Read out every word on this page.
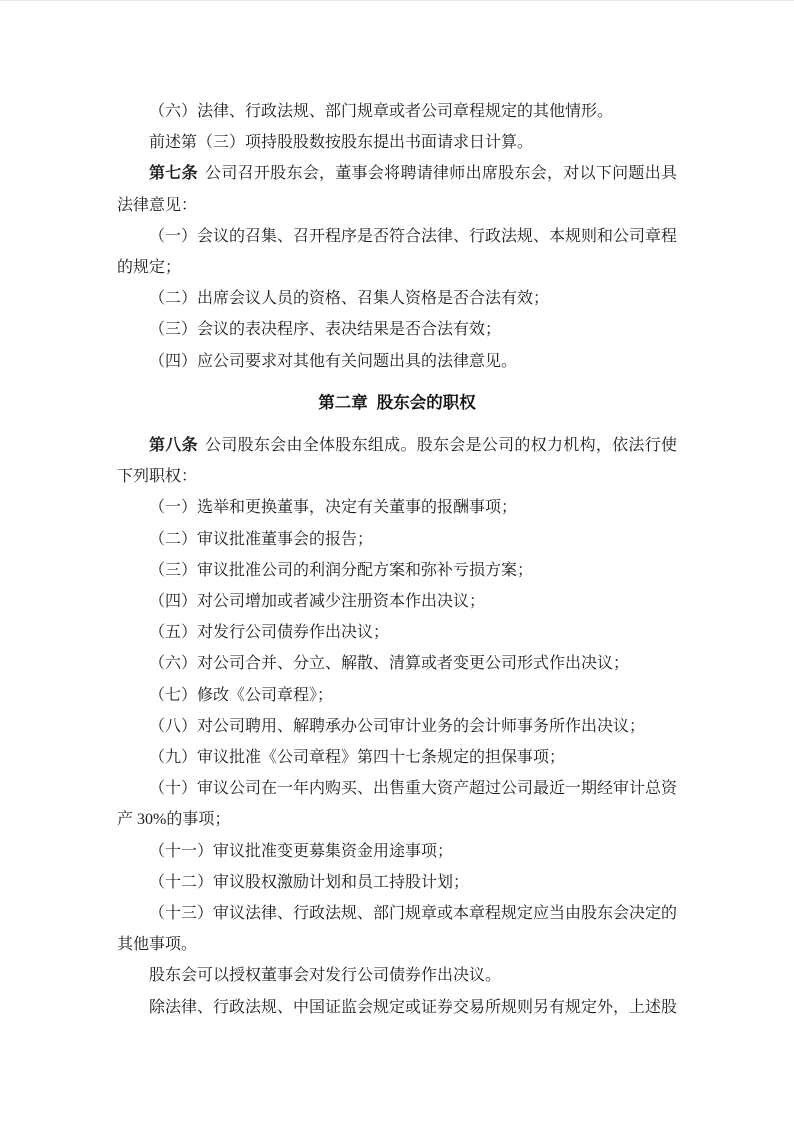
（六）法律、行政法规、部门规章或者公司章程规定的其他情形。

前述第（三）项持股股数按股东提出书面请求日计算。

第七条 公司召开股东会，董事会将聘请律师出席股东会，对以下问题出具法律意见：

（一）会议的召集、召开程序是否符合法律、行政法规、本规则和公司章程的规定；

（二）出席会议人员的资格、召集人资格是否合法有效；

（三）会议的表决程序、表决结果是否合法有效；

（四）应公司要求对其他有关问题出具的法律意见。

第二章 股东会的职权

第八条 公司股东会由全体股东组成。股东会是公司的权力机构，依法行使下列职权：

（一）选举和更换董事，决定有关董事的报酬事项；

（二）审议批准董事会的报告；

（三）审议批准公司的利润分配方案和弥补亏损方案；

（四）对公司增加或者减少注册资本作出决议；

（五）对发行公司债券作出决议；

（六）对公司合并、分立、解散、清算或者变更公司形式作出决议；

（七）修改《公司章程》；

（八）对公司聘用、解聘承办公司审计业务的会计师事务所作出决议；

（九）审议批准《公司章程》第四十七条规定的担保事项；

（十）审议公司在一年内购买、出售重大资产超过公司最近一期经审计总资产 30%的事项；

（十一）审议批准变更募集资金用途事项；

（十二）审议股权激励计划和员工持股计划；

（十三）审议法律、行政法规、部门规章或本章程规定应当由股东会决定的其他事项。

股东会可以授权董事会对发行公司债券作出决议。

除法律、行政法规、中国证监会规定或证券交易所规则另有规定外，上述股
